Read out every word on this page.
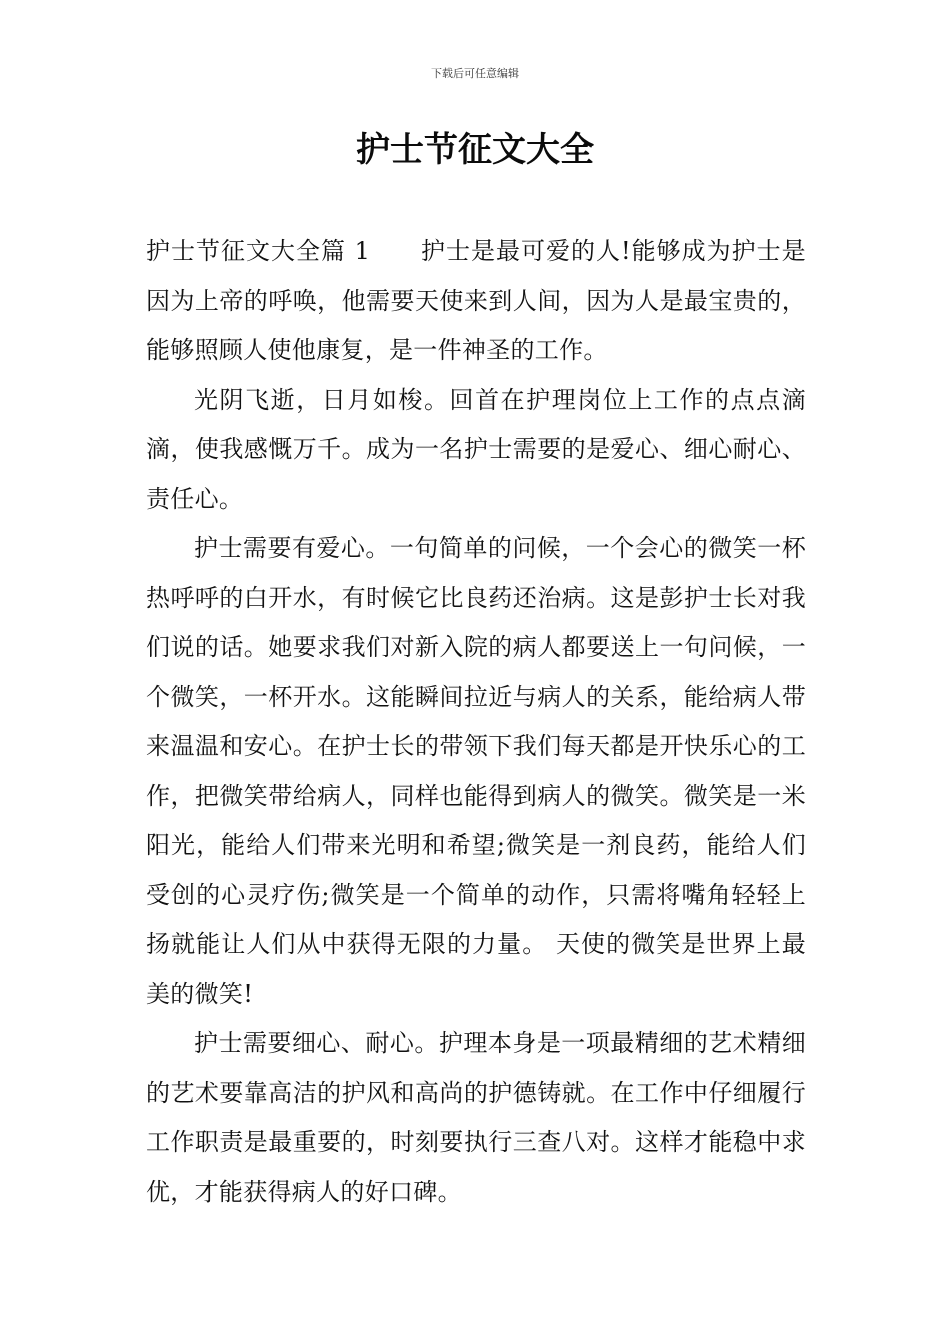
下载后可任意编辑
护士节征文大全

护士节征文大全篇 1 护士是最可爱的人!能够成为护士是因为上帝的呼唤，他需要天使来到人间，因为人是最宝贵的，能够照顾人使他康复，是一件神圣的工作。

光阴飞逝，日月如梭。回首在护理岗位上工作的点点滴滴，使我感慨万千。成为一名护士需要的是爱心、细心耐心、责任心。

护士需要有爱心。一句简单的问候，一个会心的微笑一杯热呼呼的白开水，有时候它比良药还治病。这是彭护士长对我们说的话。她要求我们对新入院的病人都要送上一句问候，一个微笑，一杯开水。这能瞬间拉近与病人的关系，能给病人带来温温和安心。在护士长的带领下我们每天都是开快乐心的工作，把微笑带给病人，同样也能得到病人的微笑。微笑是一米阳光，能给人们带来光明和希望;微笑是一剂良药，能给人们受创的心灵疗伤;微笑是一个简单的动作，只需将嘴角轻轻上扬就能让人们从中获得无限的力量。 天使的微笑是世界上最美的微笑!

护士需要细心、耐心。护理本身是一项最精细的艺术精细的艺术要靠高洁的护风和高尚的护德铸就。在工作中仔细履行工作职责是最重要的，时刻要执行三查八对。这样才能稳中求优，才能获得病人的好口碑。
